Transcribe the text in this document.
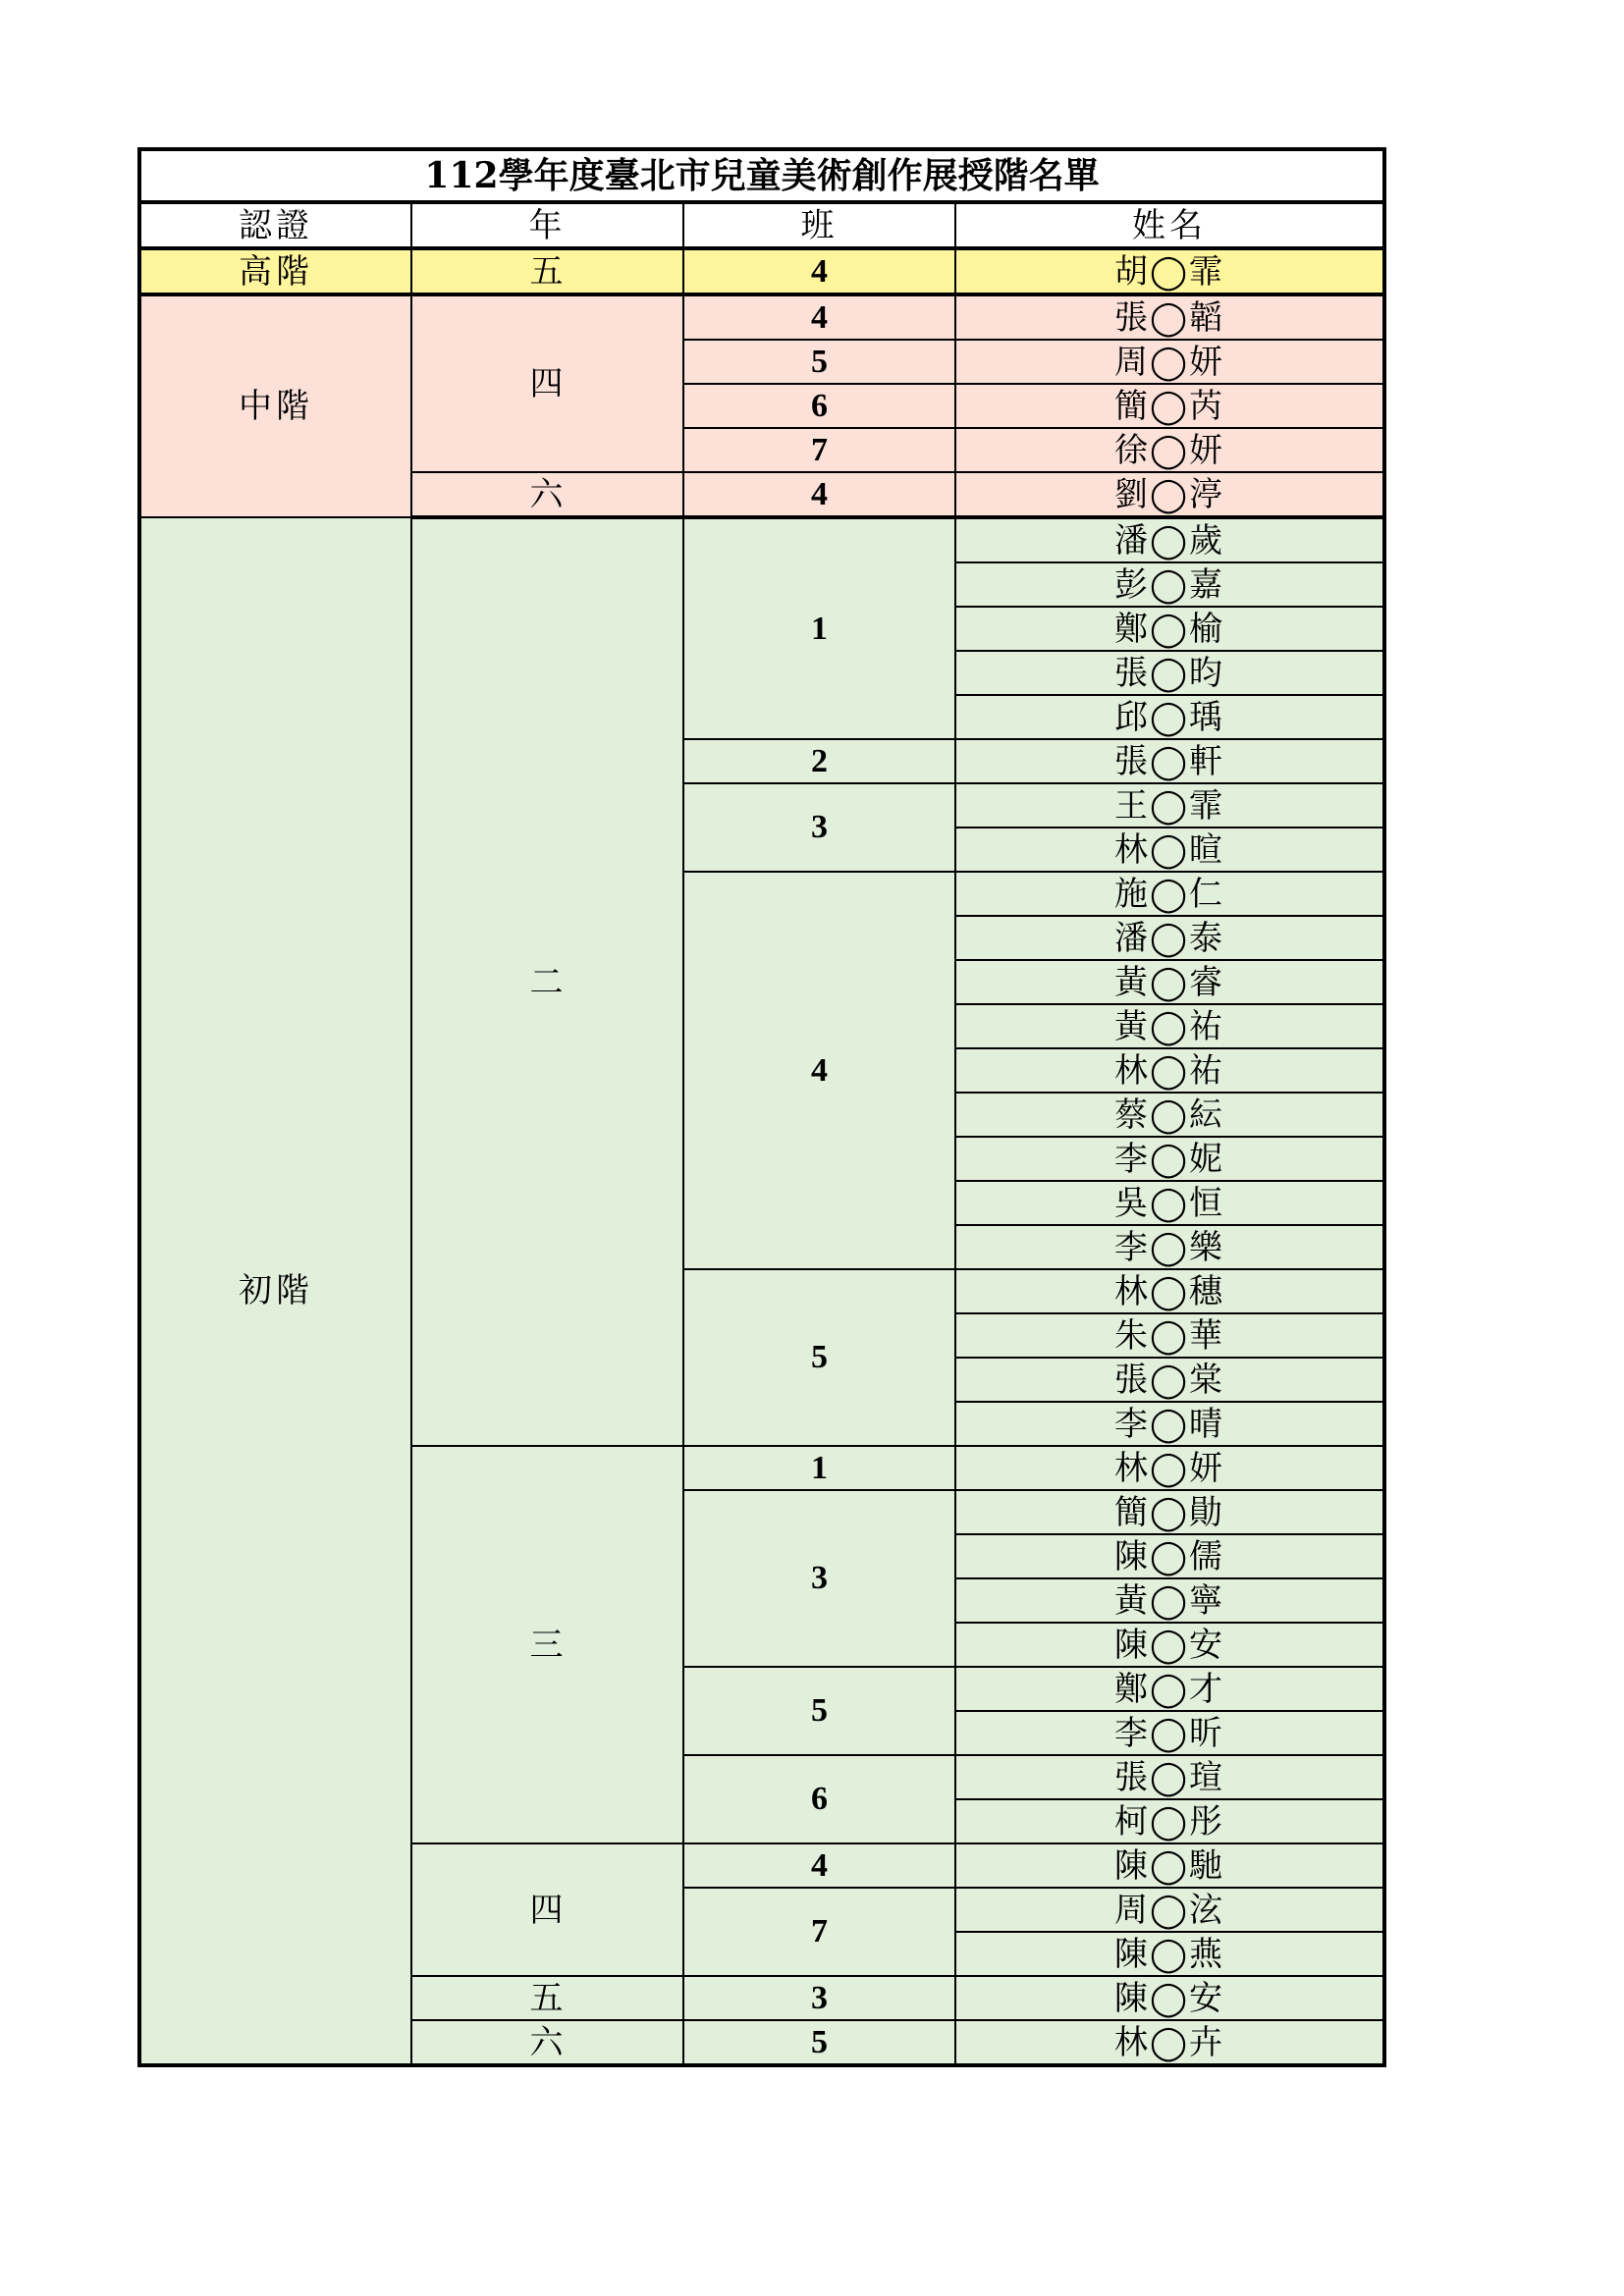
112學年度臺北市兒童美術創作展授階名單			
認證	年	班	姓名
高階	五	4	胡◯霏
中階	四	4	張◯韜
		5	周◯妍
		6	簡◯芮
		7	徐◯妍
	六	4	劉◯渟
初階	二	1	潘◯歲
			彭◯嘉
			鄭◯榆
			張◯昀
			邱◯瑀
		2	張◯軒
		3	王◯霏
			林◯暄
		4	施◯仁
			潘◯泰
			黃◯睿
			黃◯祐
			林◯祐
			蔡◯紜
			李◯妮
			吳◯恒
			李◯樂
		5	林◯穗
			朱◯華
			張◯棠
			李◯晴
	三	1	林◯妍
		3	簡◯勛
			陳◯儒
			黃◯寧
			陳◯安
		5	鄭◯才
			李◯昕
		6	張◯瑄
			柯◯彤
	四	4	陳◯馳
		7	周◯泫
			陳◯燕
	五	3	陳◯安
	六	5	林◯卉
